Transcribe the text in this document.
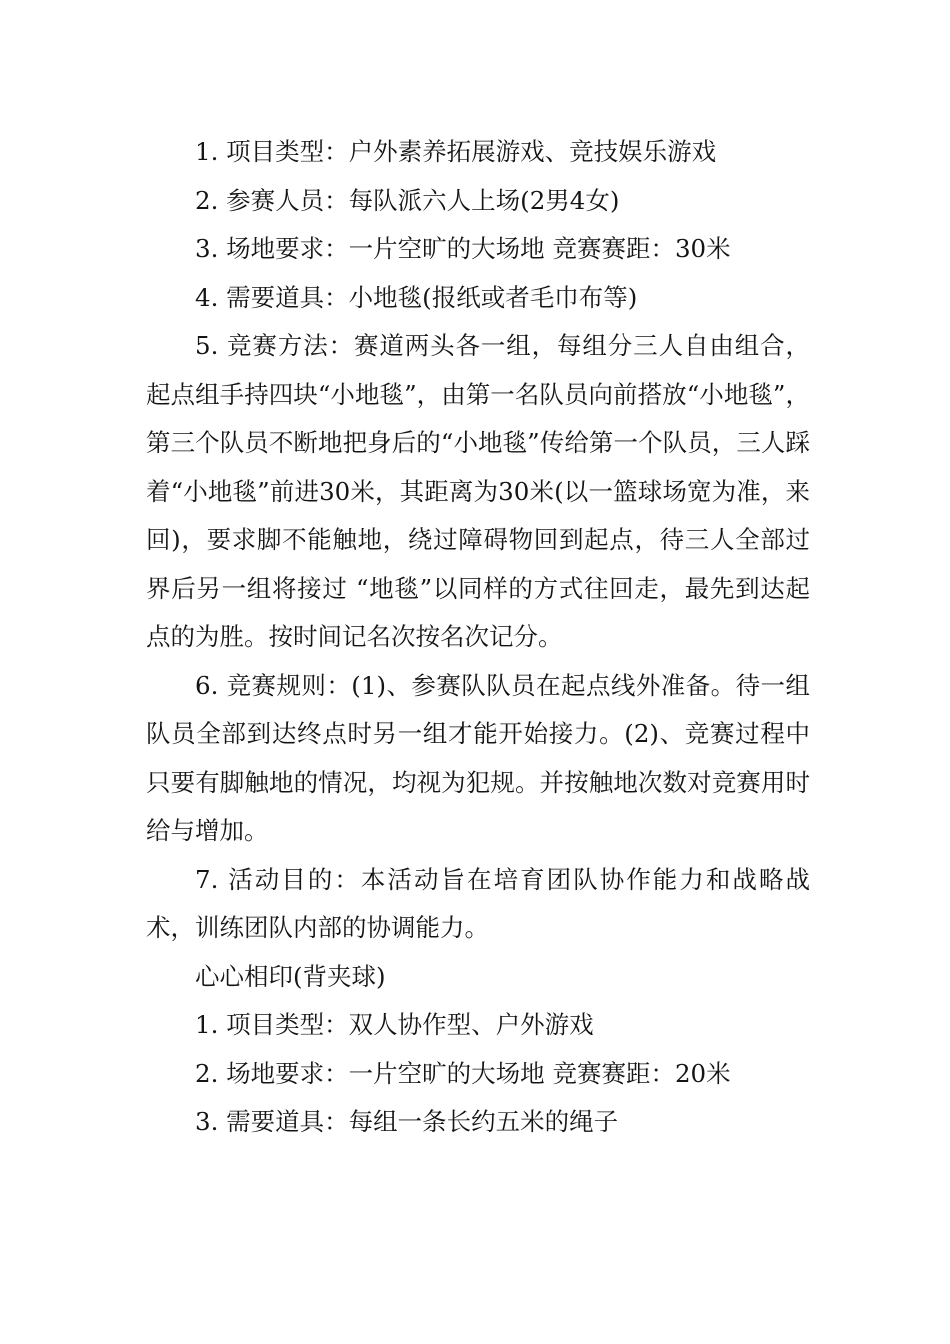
1. 项目类型：户外素养拓展游戏、竞技娱乐游戏

2. 参赛人员：每队派六人上场(2男4女)

3. 场地要求：一片空旷的大场地 竞赛赛距：30米

4. 需要道具：小地毯(报纸或者毛巾布等)

5. 竞赛方法：赛道两头各一组，每组分三人自由组合，起点组手持四块“小地毯”，由第一名队员向前搭放“小地毯”，第三个队员不断地把身后的“小地毯”传给第一个队员，三人踩着“小地毯”前进30米，其距离为30米(以一篮球场宽为准，来回)，要求脚不能触地，绕过障碍物回到起点，待三人全部过界后另一组将接过 “地毯”以同样的方式往回走，最先到达起点的为胜。按时间记名次按名次记分。

6. 竞赛规则：(1)、参赛队队员在起点线外准备。待一组队员全部到达终点时另一组才能开始接力。(2)、竞赛过程中只要有脚触地的情况，均视为犯规。并按触地次数对竞赛用时给与增加。

7. 活动目的：本活动旨在培育团队协作能力和战略战术，训练团队内部的协调能力。

心心相印(背夹球)

1. 项目类型：双人协作型、户外游戏

2. 场地要求：一片空旷的大场地 竞赛赛距：20米

3. 需要道具：每组一条长约五米的绳子
